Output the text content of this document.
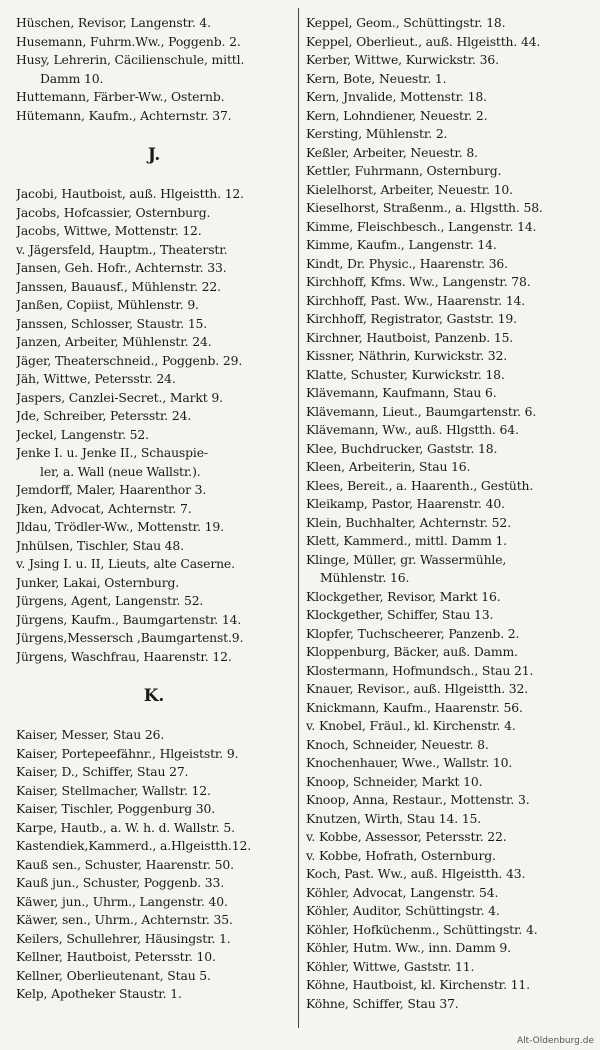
Hüschen, Revisor, Langenstr. 4.
Husemann, Fuhrm.Ww., Poggenb. 2.
Husy, Lehrerin, Cäcilienschule, mittl.
Damm 10.
Huttemann, Färber-Ww., Osternb.
Hütemann, Kaufm., Achternstr. 37.
J.
Jacobi, Hautboist, auß. Hlgeistth. 12.
Jacobs, Hofcassier, Osternburg.
Jacobs, Wittwe, Mottenstr. 12.
v. Jägersfeld, Hauptm., Theaterstr.
Jansen, Geh. Hofr., Achternstr. 33.
Janssen, Bauausf., Mühlenstr. 22.
Janßen, Copiist, Mühlenstr. 9.
Janssen, Schlosser, Staustr. 15.
Janzen, Arbeiter, Mühlenstr. 24.
Jäger, Theaterschneid., Poggenb. 29.
Jäh, Wittwe, Petersstr. 24.
Jaspers, Canzlei-Secret., Markt 9.
Jde, Schreiber, Petersstr. 24.
Jeckel, Langenstr. 52.
Jenke I. u. Jenke II., Schauspie-
ler, a. Wall (neue Wallstr.).
Jemdorff, Maler, Haarenthor 3.
Jken, Advocat, Achternstr. 7.
Jldau, Trödler-Ww., Mottenstr. 19.
Jnhülsen, Tischler, Stau 48.
v. Jsing I. u. II, Lieuts, alte Caserne.
Junker, Lakai, Osternburg.
Jürgens, Agent, Langenstr. 52.
Jürgens, Kaufm., Baumgartenstr. 14.
Jürgens,Messersch ,Baumgartenst.9.
Jürgens, Waschfrau, Haarenstr. 12.
K.
Kaiser, Messer, Stau 26.
Kaiser, Portepeefähnr., Hlgeiststr. 9.
Kaiser, D., Schiffer, Stau 27.
Kaiser, Stellmacher, Wallstr. 12.
Kaiser, Tischler, Poggenburg 30.
Karpe, Hautb., a. W. h. d. Wallstr. 5.
Kastendiek,Kammerd., a.Hlgeistth.12.
Kauß sen., Schuster, Haarenstr. 50.
Kauß jun., Schuster, Poggenb. 33.
Käwer, jun., Uhrm., Langenstr. 40.
Käwer, sen., Uhrm., Achternstr. 35.
Keilers, Schullehrer, Häusingstr. 1.
Kellner, Hautboist, Petersstr. 10.
Kellner, Oberlieutenant, Stau 5.
Kelp, Apotheker Staustr. 1.
Keppel, Geom., Schüttingstr. 18.
Keppel, Oberlieut., auß. Hlgeistth. 44.
Kerber, Wittwe, Kurwickstr. 36.
Kern, Bote, Neuestr. 1.
Kern, Jnvalide, Mottenstr. 18.
Kern, Lohndiener, Neuestr. 2.
Kersting, Mühlenstr. 2.
Keßler, Arbeiter, Neuestr. 8.
Kettler, Fuhrmann, Osternburg.
Kielelhorst, Arbeiter, Neuestr. 10.
Kieselhorst, Straßenm., a. Hlgstth. 58.
Kimme, Fleischbesch., Langenstr. 14.
Kimme, Kaufm., Langenstr. 14.
Kindt, Dr. Physic., Haarenstr. 36.
Kirchhoff, Kfms. Ww., Langenstr. 78.
Kirchhoff, Past. Ww., Haarenstr. 14.
Kirchhoff, Registrator, Gaststr. 19.
Kirchner, Hautboist, Panzenb. 15.
Kissner, Näthrin, Kurwickstr. 32.
Klatte, Schuster, Kurwickstr. 18.
Klävemann, Kaufmann, Stau 6.
Klävemann, Lieut., Baumgartenstr. 6.
Klävemann, Ww., auß. Hlgstth. 64.
Klee, Buchdrucker, Gaststr. 18.
Kleen, Arbeiterin, Stau 16.
Klees, Bereit., a. Haarenth., Gestüth.
Kleikamp, Pastor, Haarenstr. 40.
Klein, Buchhalter, Achternstr. 52.
Klett, Kammerd., mittl. Damm 1.
Klinge, Müller, gr. Wassermühle,
Mühlenstr. 16.
Klockgether, Revisor, Markt 16.
Klockgether, Schiffer, Stau 13.
Klopfer, Tuchscheerer, Panzenb. 2.
Kloppenburg, Bäcker, auß. Damm.
Klostermann, Hofmundsch., Stau 21.
Knauer, Revisor., auß. Hlgeistth. 32.
Knickmann, Kaufm., Haarenstr. 56.
v. Knobel, Fräul., kl. Kirchenstr. 4.
Knoch, Schneider, Neuestr. 8.
Knochenhauer, Wwe., Wallstr. 10.
Knoop, Schneider, Markt 10.
Knoop, Anna, Restaur., Mottenstr. 3.
Knutzen, Wirth, Stau 14. 15.
v. Kobbe, Assessor, Petersstr. 22.
v. Kobbe, Hofrath, Osternburg.
Koch, Past. Ww., auß. Hlgeistth. 43.
Köhler, Advocat, Langenstr. 54.
Köhler, Auditor, Schüttingstr. 4.
Köhler, Hofküchenm., Schüttingstr. 4.
Köhler, Hutm. Ww., inn. Damm 9.
Köhler, Wittwe, Gaststr. 11.
Köhne, Hautboist, kl. Kirchenstr. 11.
Köhne, Schiffer, Stau 37.
Alt-Oldenburg.de
